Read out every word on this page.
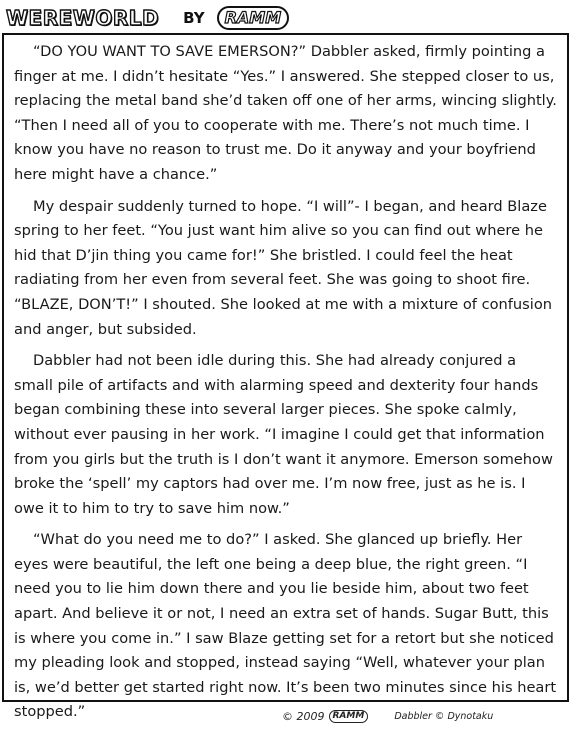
WEREWORLD BY	RAMM

“DO YOU WANT TO SAVE EMERSON?” Dabbler asked, firmly pointing a finger at me. I didn’t hesitate “Yes.” I answered. She stepped closer to us, replacing the metal band she’d taken off one of her arms, wincing slightly. “Then I need all of you to cooperate with me. There’s not much time. I know you have no reason to trust me. Do it anyway and your boyfriend here might have a chance.”

My despair suddenly turned to hope. “I will”- I began, and heard Blaze spring to her feet. “You just want him alive so you can find out where he hid that D’jin thing you came for!” She bristled. I could feel the heat radiating from her even from several feet. She was going to shoot fire. “BLAZE, DON’T!” I shouted. She looked at me with a mixture of confusion and anger, but subsided.

Dabbler had not been idle during this. She had already conjured a small pile of artifacts and with alarming speed and dexterity four hands began combining these into several larger pieces. She spoke calmly, without ever pausing in her work. “I imagine I could get that information from you girls but the truth is I don’t want it anymore. Emerson somehow broke the ‘spell’ my captors had over me. I’m now free, just as he is. I owe it to him to try to save him now.”

“What do you need me to do?” I asked. She glanced up briefly. Her eyes were beautiful, the left one being a deep blue, the right green. “I need you to lie him down there and you lie beside him, about two feet apart. And believe it or not, I need an extra set of hands. Sugar Butt, this is where you come in.” I saw Blaze getting set for a retort but she noticed my pleading look and stopped, instead saying “Well, whatever your plan is, we’d better get started right now. It’s been two minutes since his heart stopped.”	© 2009 RAMM	Dabbler © Dynotaku
